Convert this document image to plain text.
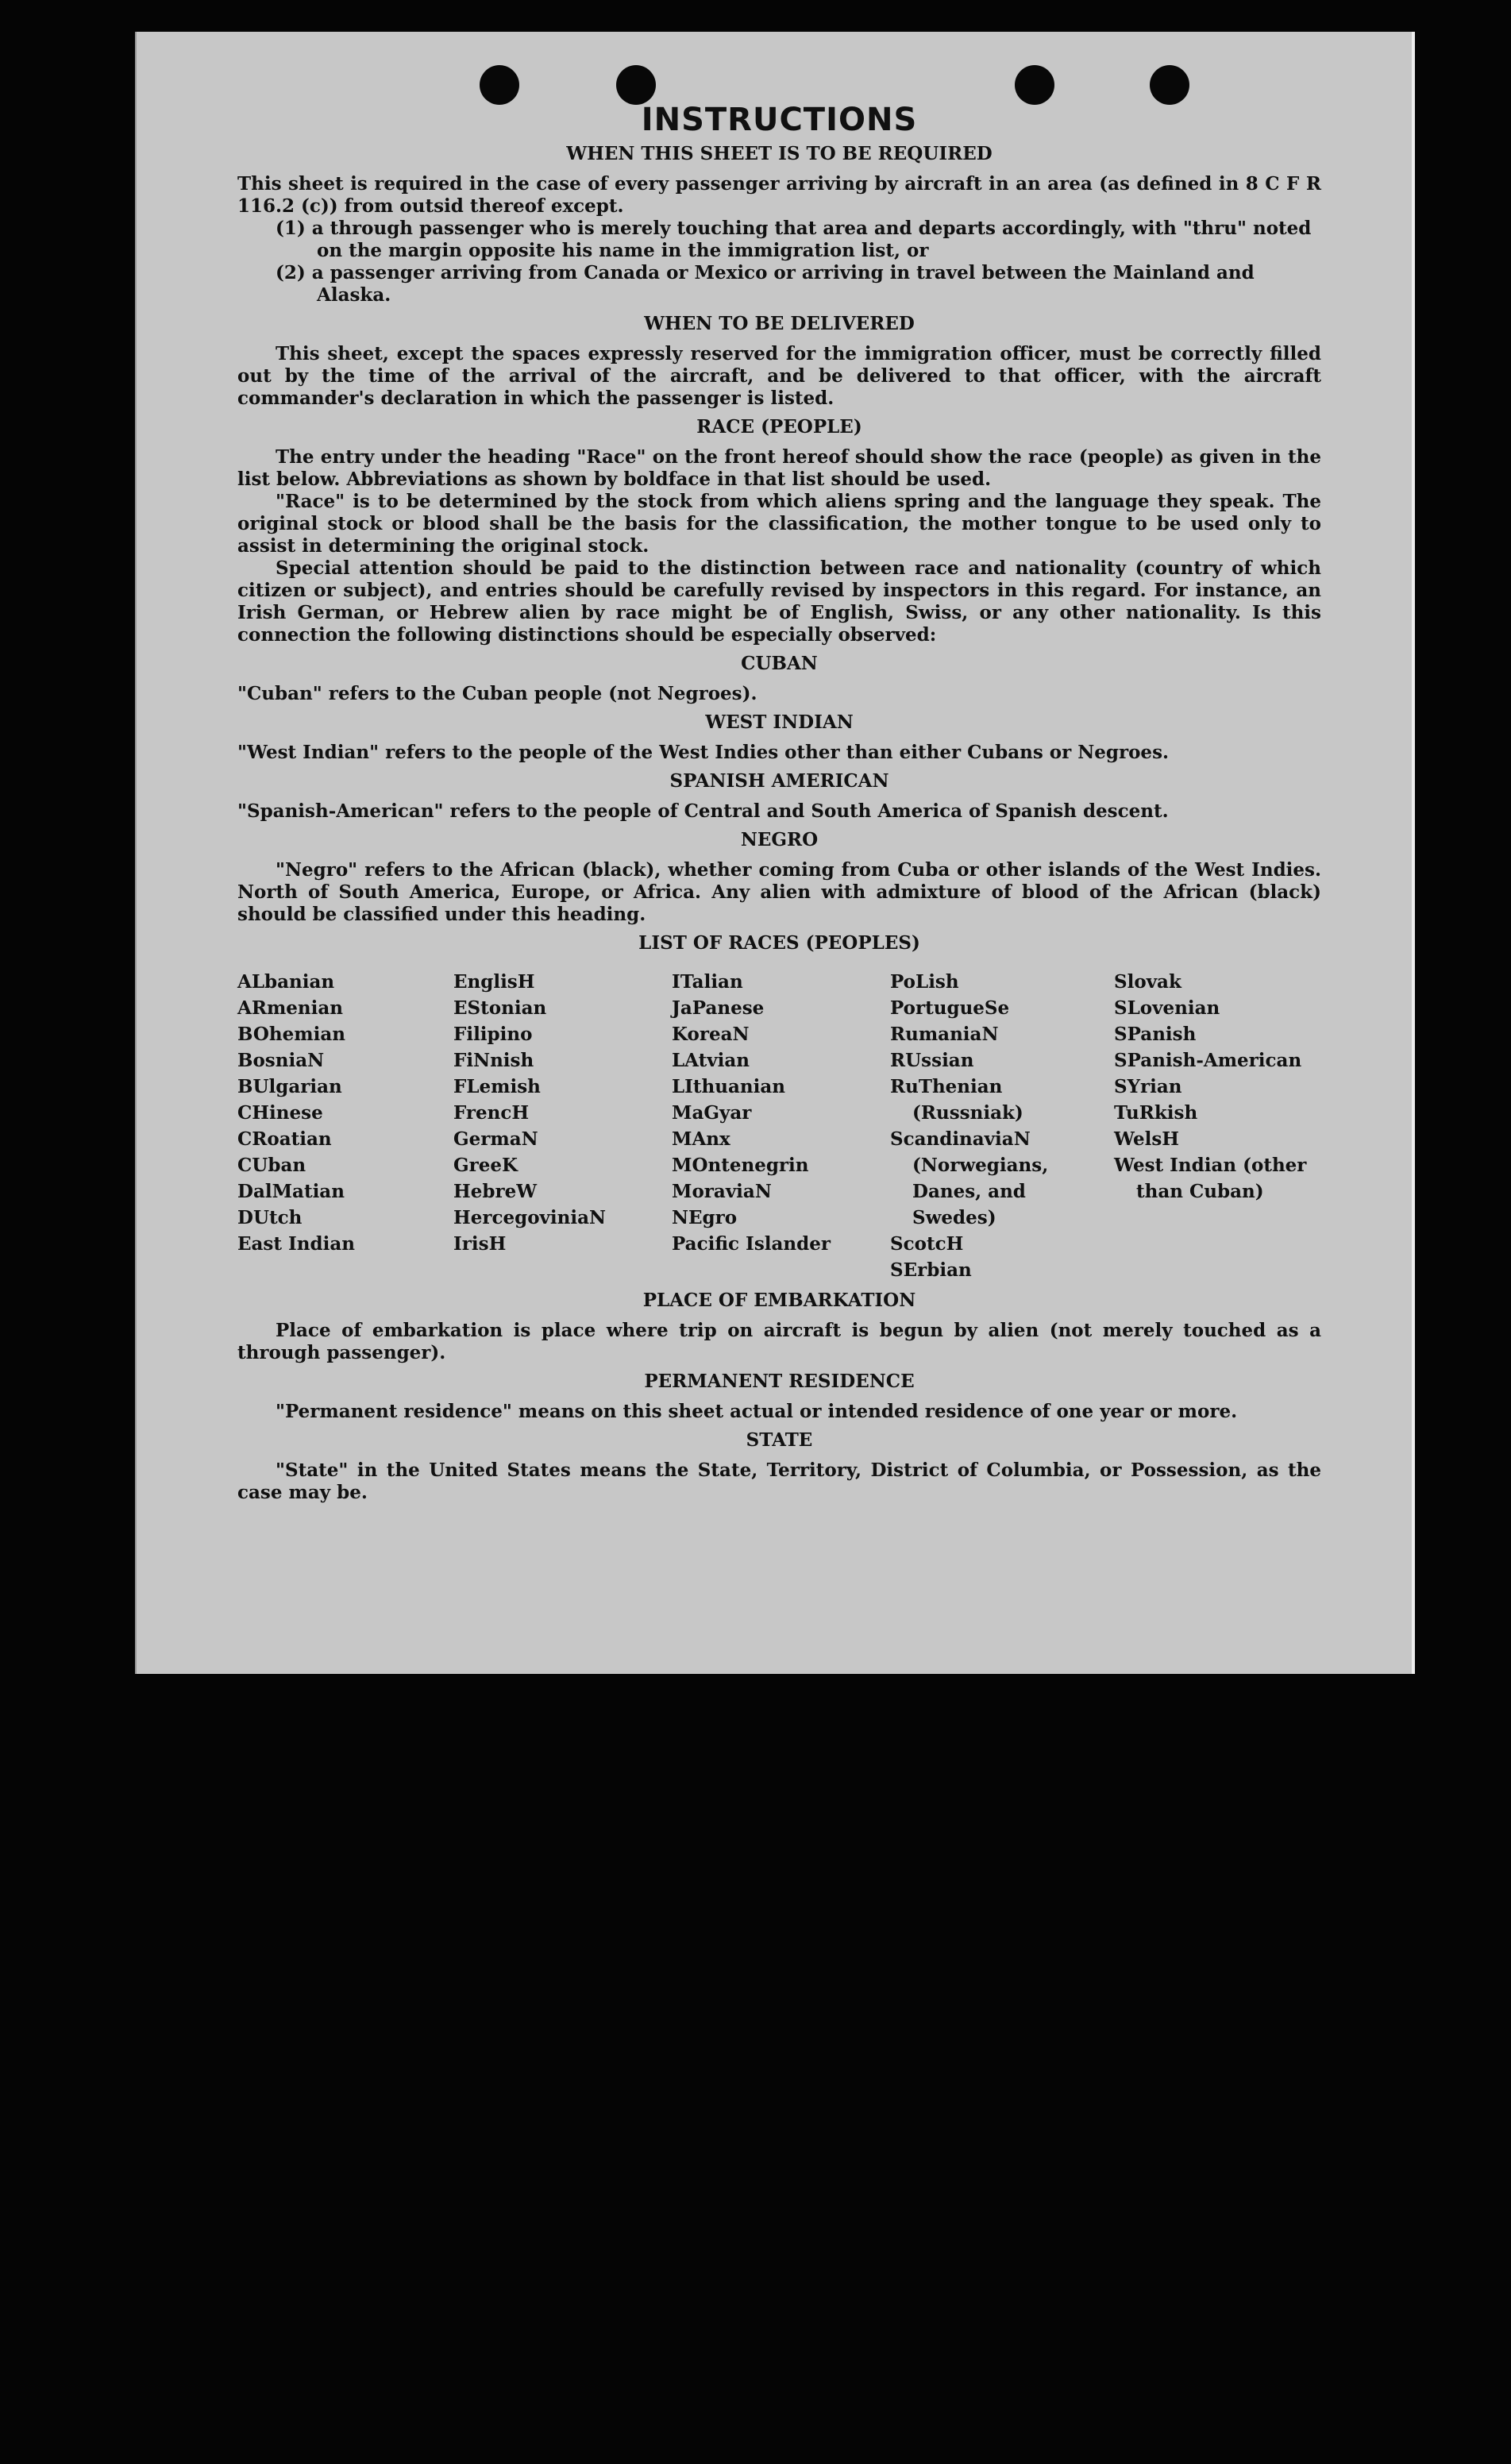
INSTRUCTIONS
WHEN THIS SHEET IS TO BE REQUIRED

This sheet is required in the case of every passenger arriving by aircraft in an area (as defined in 8 C F R 116.2 (c)) from outsid thereof except.

(1) a through passenger who is merely touching that area and departs accordingly, with "thru" noted on the margin opposite his name in the immigration list, or
(2) a passenger arriving from Canada or Mexico or arriving in travel between the Mainland and Alaska.
WHEN TO BE DELIVERED

This sheet, except the spaces expressly reserved for the immigration officer, must be correctly filled out by the time of the arrival of the aircraft, and be delivered to that officer, with the aircraft commander's declaration in which the passenger is listed.

RACE (PEOPLE)

The entry under the heading "Race" on the front hereof should show the race (people) as given in the list below. Abbreviations as shown by boldface in that list should be used.

"Race" is to be determined by the stock from which aliens spring and the language they speak. The original stock or blood shall be the basis for the classification, the mother tongue to be used only to assist in determining the original stock.

Special attention should be paid to the distinction between race and nationality (country of which citizen or subject), and entries should be carefully revised by inspectors in this regard. For instance, an Irish German, or Hebrew alien by race might be of English, Swiss, or any other nationality. Is this connection the following distinctions should be especially observed:

CUBAN

"Cuban" refers to the Cuban people (not Negroes).

WEST INDIAN

"West Indian" refers to the people of the West Indies other than either Cubans or Negroes.

SPANISH AMERICAN

"Spanish-American" refers to the people of Central and South America of Spanish descent.

NEGRO

"Negro" refers to the African (black), whether coming from Cuba or other islands of the West Indies. North of South America, Europe, or Africa. Any alien with admixture of blood of the African (black) should be classified under this heading.

LIST OF RACES (PEOPLES)
ALbanian
ARmenian
BOhemian
BosniaN
BUlgarian
CHinese
CRoatian
CUban
DalMatian
DUtch
East Indian
EnglisH
EStonian
Filipino
FiNnish
FLemish
FrencH
GermaN
GreeK
HebreW
HercegoviniaN
IrisH
ITalian
JaPanese
KoreaN
LAtvian
LIthuanian
MaGyar
MAnx
MOntenegrin
MoraviaN
NEgro
Pacific Islander
PoLish
PortugueSe
RumaniaN
RUssian
RuThenian (Russniak)
ScandinaviaN (Norwegians, Danes, and Swedes)
ScotcH
SErbian
Slovak
SLovenian
SPanish
SPanish-American
SYrian
TuRkish
WelsH
West Indian (other than Cuban)
PLACE OF EMBARKATION

Place of embarkation is place where trip on aircraft is begun by alien (not merely touched as a through passenger).

PERMANENT RESIDENCE

"Permanent residence" means on this sheet actual or intended residence of one year or more.

STATE

"State" in the United States means the State, Territory, District of Columbia, or Possession, as the case may be.
